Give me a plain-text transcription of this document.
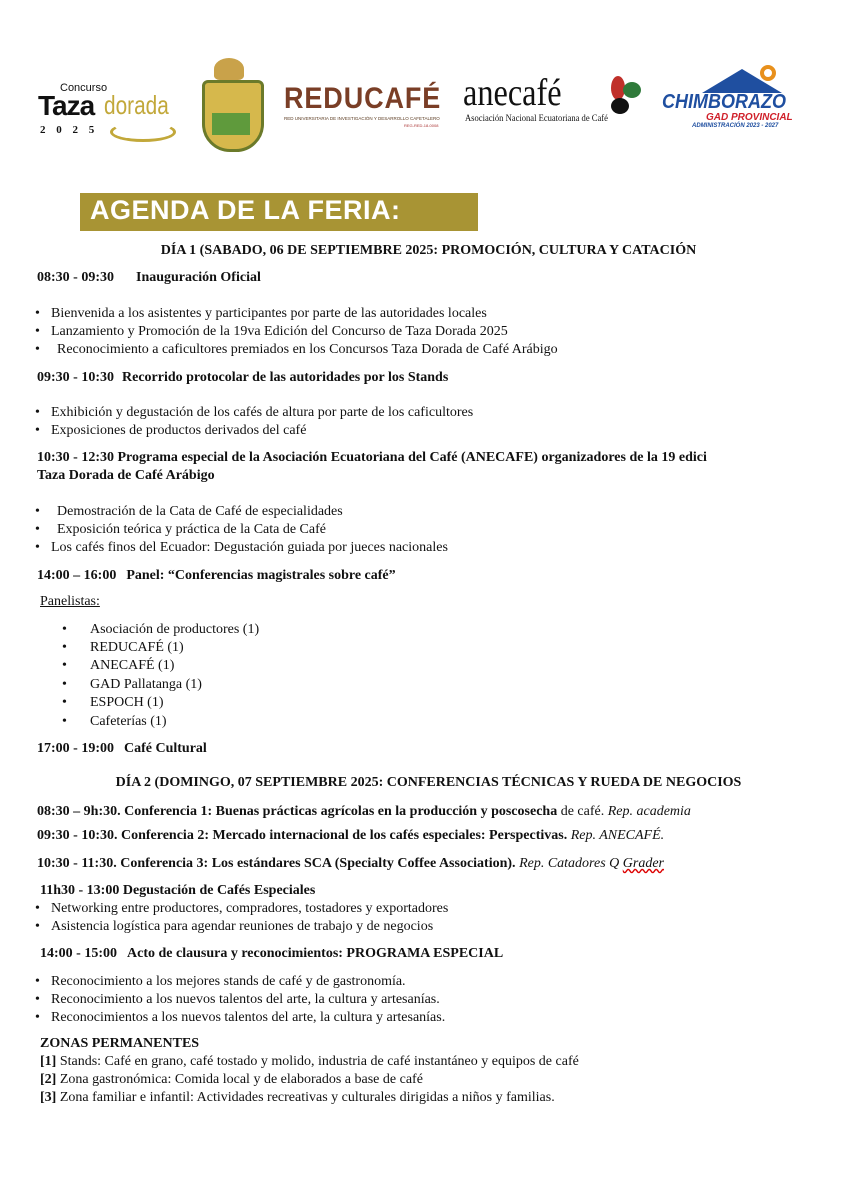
Concurso
Taza dorada
2 0 2 5
REDUCAFÉ
RED UNIVERSITARIA DE INVESTIGACIÓN Y DESARROLLO CAFETALERO
REG-RED-18-0008
anecafé
Asociación Nacional Ecuatoriana de Café
CHIMBORAZO
GAD PROVINCIAL
ADMINISTRACIÓN 2023 - 2027
AGENDA DE LA FERIA:
DÍA 1 (SABADO, 06 DE SEPTIEMBRE 2025: PROMOCIÓN, CULTURA Y CATACIÓN
08:30 - 09:30 Inauguración Oficial
• Bienvenida a los asistentes y participantes por parte de las autoridades locales
• Lanzamiento y Promoción de la 19va Edición del Concurso de Taza Dorada 2025
• Reconocimiento a caficultores premiados en los Concursos Taza Dorada de Café Arábigo
09:30 - 10:30 Recorrido protocolar de las autoridades por los Stands
• Exhibición y degustación de los cafés de altura por parte de los caficultores
• Exposiciones de productos derivados del café
10:30 - 12:30 Programa especial de la Asociación Ecuatoriana del Café (ANECAFE) organizadores de la 19 edici
Taza Dorada de Café Arábigo
• Demostración de la Cata de Café de especialidades
• Exposición teórica y práctica de la Cata de Café
• Los cafés finos del Ecuador: Degustación guiada por jueces nacionales
14:00 – 16:00 Panel: “Conferencias magistrales sobre café”
Panelistas:
• Asociación de productores (1)
• REDUCAFÉ (1)
• ANECAFÉ (1)
• GAD Pallatanga (1)
• ESPOCH (1)
• Cafeterías (1)
17:00 - 19:00 Café Cultural
DÍA 2 (DOMINGO, 07 SEPTIEMBRE 2025: CONFERENCIAS TÉCNICAS Y RUEDA DE NEGOCIOS
08:30 – 9h:30. Conferencia 1: Buenas prácticas agrícolas en la producción y poscosecha de café. Rep. academia
09:30 - 10:30. Conferencia 2: Mercado internacional de los cafés especiales: Perspectivas. Rep. ANECAFÉ.
10:30 - 11:30. Conferencia 3: Los estándares SCA (Specialty Coffee Association). Rep. Catadores Q Grader
11h30 - 13:00 Degustación de Cafés Especiales
• Networking entre productores, compradores, tostadores y exportadores
• Asistencia logística para agendar reuniones de trabajo y de negocios
14:00 - 15:00 Acto de clausura y reconocimientos: PROGRAMA ESPECIAL
• Reconocimiento a los mejores stands de café y de gastronomía.
• Reconocimiento a los nuevos talentos del arte, la cultura y artesanías.
• Reconocimientos a los nuevos talentos del arte, la cultura y artesanías.
ZONAS PERMANENTES
[1] Stands: Café en grano, café tostado y molido, industria de café instantáneo y equipos de café
[2] Zona gastronómica: Comida local y de elaborados a base de café
[3] Zona familiar e infantil: Actividades recreativas y culturales dirigidas a niños y familias.
